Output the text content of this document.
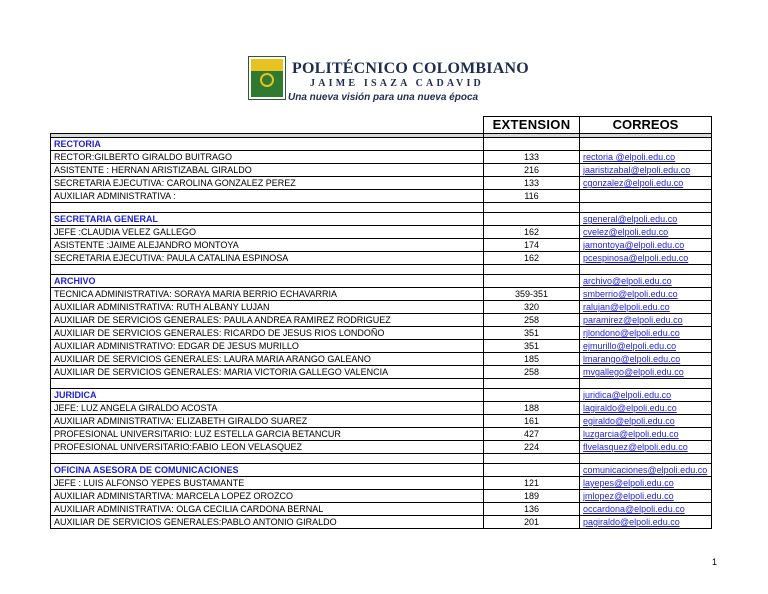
POLITÉCNICO COLOMBIANO
JAIME ISAZA CADAVID
Una nueva visión para una nueva época
	EXTENSION	CORREOS

RECTORIA		
RECTOR:GILBERTO GIRALDO BUITRAGO	133	rectoria @elpoli.edu.co
ASISTENTE : HERNAN ARISTIZABAL GIRALDO	216	jaaristizabal@elpoli.edu.co
SECRETARIA EJECUTIVA: CAROLINA GONZALEZ PEREZ	133	cgonzalez@elpoli.edu.co
AUXILIAR ADMINISTRATIVA :	116	

SECRETARIA GENERAL		sgeneral@elpoli.edu.co
JEFE :CLAUDIA VELEZ GALLEGO	162	cvelez@elpoli.edu.co
ASISTENTE :JAIME ALEJANDRO MONTOYA	174	jamontoya@elpoli.edu.co
SECRETARIA EJECUTIVA: PAULA CATALINA ESPINOSA	162	pcespinosa@elpoli.edu.co

ARCHIVO		archivo@elpoli.edu.co
TECNICA ADMINISTRATIVA: SORAYA MARIA BERRIO ECHAVARRIA	359-351	smberrio@elpoli.edu.co
AUXILIAR ADMINISTRATIVA: RUTH ALBANY LUJAN	320	ralujan@elpoli.edu.co
AUXILIAR DE SERVICIOS GENERALES: PAULA ANDREA RAMIREZ RODRIGUEZ	258	paramirez@elpoli.edu.co
AUXILIAR DE SERVICIOS GENERALES: RICARDO DE JESUS RIOS LONDOÑO	351	rjlondono@elpoli.edu.co
AUXILIAR ADMINISTRATIVO: EDGAR DE JESUS MURILLO	351	ejmurillo@elpoli.edu.co
AUXILIAR DE SERVICIOS GENERALES: LAURA MARIA ARANGO GALEANO	185	lmarango@elpoli.edu.co
AUXILIAR DE SERVICIOS GENERALES: MARIA VICTORIA GALLEGO VALENCIA	258	mvgallego@elpoli.edu.co

JURIDICA		juridica@elpoli.edu.co
JEFE: LUZ ANGELA GIRALDO ACOSTA	188	lagiraldo@elpoli.edu.co
AUXILIAR ADMINISTRATIVA: ELIZABETH GIRALDO SUAREZ	161	egiraldo@elpoli.edu.co
PROFESIONAL UNIVERSITARIO: LUZ ESTELLA GARCIA BETANCUR	427	luzgarcia@elpoli.edu.co
PROFESIONAL UNIVERSITARIO:FABIO LEON VELASQUEZ	224	flvelasquez@elpoli.edu.co

OFICINA ASESORA DE COMUNICACIONES		comunicaciones@elpoli.edu.co
JEFE : LUIS ALFONSO YEPES BUSTAMANTE	121	layepes@elpoli.edu.co
AUXILIAR ADMINISTARTIVA: MARCELA LOPEZ OROZCO	189	jmlopez@elpoli.edu.co
AUXILIAR ADMINISTRATIVA: OLGA CECILIA CARDONA BERNAL	136	occardona@elpoli.edu.co
AUXILIAR DE SERVICIOS GENERALES:PABLO ANTONIO GIRALDO	201	pagiraldo@elpoli.edu.co
1
